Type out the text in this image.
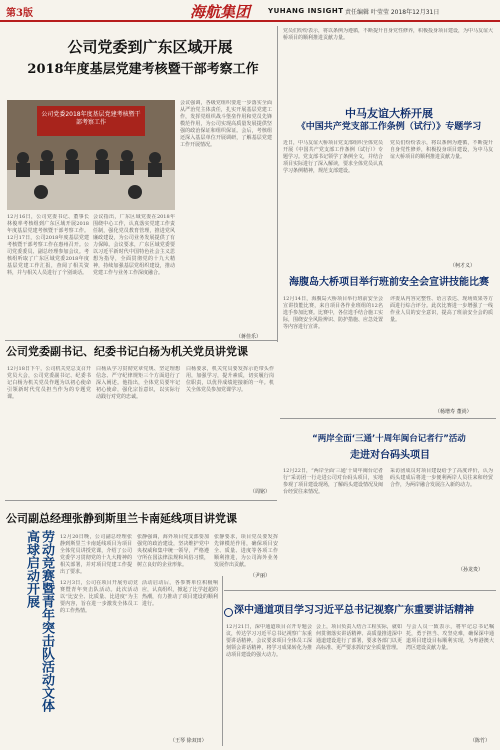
第3版	海航集团	YUHANG INSIGHT 责任编辑 叶莹莹 2018年12月31日
公司党委到广东区域开展
2018年度基层党建考核暨干部考察工作
公司党委2018年度基层党建考核暨干部考察工作
12月16日，公司党委书记、董事长林俊率考核组到广东区域开展2018年度基层党建考核暨干部考察工作。12月17日，公司2018年度基层党建考核暨干部考察工作在惠州召开。公司党委委员、副总经理参加会议。考核组听取了广东区域党委2018年度基层党建工作汇报，查阅了相关资料，并与相关人员进行了个别谈话。
会议指出，广东区域党委在2018年围绕中心工作，认真落实党建工作责任制，强化党员教育管理，推进党风廉政建设，为公司业务发展提供了有力保障。会议要求，广东区域党委要以习近平新时代中国特色社会主义思想为指导，全面贯彻党的十九大精神，持续加强基层党组织建设，推动党建工作与业务工作深度融合。
会议强调，各级党组织要进一步落实全面从严治党主体责任，扎实开展基层党建工作，发挥党组织战斗堡垒作用和党员先锋模范作用，为公司实现高质量发展提供坚强的政治保证和组织保证。会后，考核组还深入基层单位开展调研，了解基层党建工作开展情况。
（蒋佳乐）
党员们纷纷表示，将以条例为遵循，不断提升自身党性修养，积极投身项目建设，为中马友谊大桥项目的顺利推进贡献力量。
中马友谊大桥开展
《中国共产党支部工作条例（试行）》专题学习
近日，中马友谊大桥项目党支部组织全体党员开展《中国共产党支部工作条例（试行）》专题学习。党支部书记领学了条例全文，并结合项目实际进行了深入解读，要求全体党员认真学习条例精神，规范支部建设。
党员们纷纷表示，将以条例为遵循，不断提升自身党性修养，积极投身项目建设，为中马友谊大桥项目的顺利推进贡献力量。
（柯才义）
海腹岛大桥项目举行班前安全会宣讲技能比赛
12月14日，海腹岛大桥项目举行班前安全会宣讲技能比赛，来自项目各作业班组的12名选手参加比赛。比赛中，各位选手结合施工实际，围绕安全风险辨识、防护措施、应急处置等内容进行宣讲。
评委从内容完整性、语言表达、现场效果等方面进行综合评分。此次比赛进一步增强了一线作业人员的安全意识，提高了班前安全会的质量。
（杨增寿 董尚）
公司党委副书记、纪委书记白杨为机关党员讲党课
12月18日下午，公司机关党总支召开党员大会，公司党委副书记、纪委书记白杨为机关党员作题为以初心使命引领新时代党员担当作为的专题党课。
白杨从学习贯彻党章党规、坚定理想信念、严守纪律规矩三个方面进行了深入阐述。他指出，全体党员要牢记初心使命，强化宗旨意识，以实际行动践行对党的忠诚。
白杨要求，机关党员要发挥示范带头作用，加强学习，提升素质，切实履行岗位职责，以优异成绩迎接新的一年。机关全体党员参加党课学习。
（周铭）
“两岸全面‘三通’十周年闽台记者行”活动
走进对台码头项目
12月22日，“两岸全面‘三通’十周年闽台记者行”采访团一行走进公司对台码头项目，实地参观了项目建设现场，了解码头建设情况及闽台经贸往来情况。
采访团成员对项目建设给予了高度评价，认为码头建成后将进一步便利两岸人员往来和经贸合作，为两岸融合发展注入新的动力。
（孙龙贵）
公司副总经理张静到斯里兰卡南延线项目讲党课
12月20日晚，公司副总经理张静到斯里兰卡南延线项目为项目全体党员讲授党课，介绍了公司党委学习贯彻党的十九大精神的相关部署，并对项目党建工作提出了要求。
张静强调，海外项目党支部要加强党的政治建设，坚决维护党中央权威和集中统一领导，严格遵守所在国法律法规和风俗习惯，树立良好的企业形象。
张静要求，项目党员要发挥先锋模范作用，确保项目安全、质量、进度等各项工作顺利推进，为公司海外业务发展作出贡献。
（尹丽）
劳动竞赛暨青年突击队活动文体高球启动开展	12月3日，公司在项目开展劳动竞赛暨青年突击队活动。此次活动以“比安全、比质量、比进度”为主要内容，旨在进一步激发全体员工的工作热情。
活动启动后，各参赛单位积极响应，认真组织，掀起了比学赶超的热潮，有力推动了项目建设的顺利进行。
（王琴 徐双田）
深中通道项目学习习近平总书记视察广东重要讲话精神
12月21日，深中通道项目召开专题会议，传达学习习近平总书记视察广东重要讲话精神。会议要求项目全体员工深刻领会讲话精神，将学习成果转化为推动项目建设的强大动力。
会上，项目负责人结合工程实际，就如何贯彻落实讲话精神、高质量推进深中通道建设进行了部署，要求各部门以更高标准、更严要求抓好安全质量管理。
与会人员一致表示，将牢记总书记嘱托，勇于担当、攻坚克难，确保深中通道项目建设目标顺利实现，为粤港澳大湾区建设贡献力量。
（陈竹）
